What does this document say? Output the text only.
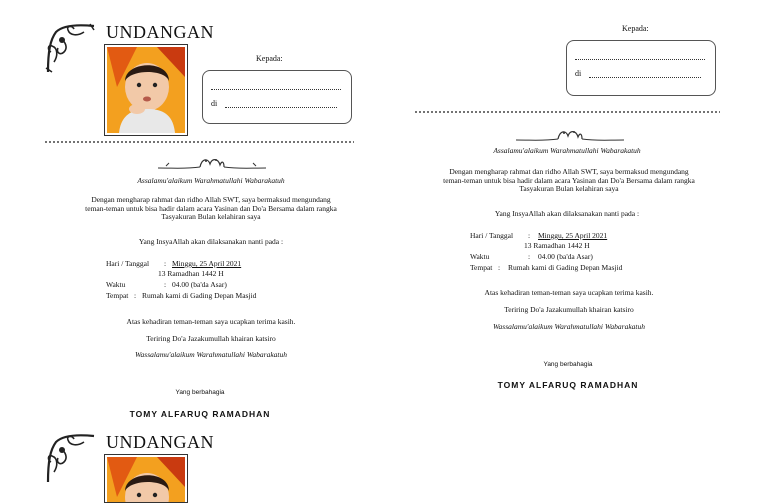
UNDANGAN
Kepada:
di
Assalamu'alaikum Warahmatullahi Wabarakatuh
Dengan mengharap rahmat dan ridho Allah SWT, saya bermaksud mengundang
teman-teman untuk bisa hadir dalam acara Yasinan dan Do'a Bersama dalam rangka
Tasyakuran Bulan kelahiran saya
Yang InsyaAllah akan dilaksanakan nanti pada :
Hari / Tanggal : Minggu, 25 April 2021
13 Ramadhan 1442 H
Waktu	: 04.00 (ba'da Asar)
Tempat : Rumah kami di Gading Depan Masjid
Atas kehadiran teman-teman saya ucapkan terima kasih.
Teriring Do'a Jazakumullah khairan katsiro
Wassalamu'alaikum Warahmatullahi Wabarakatuh
Yang berbahagia
TOMY ALFARUQ RAMADHAN
UNDANGAN
Kepada:
di
Assalamu'alaikum Warahmatullahi Wabarakatuh
Dengan mengharap rahmat dan ridho Allah SWT, saya bermaksud mengundang
teman-teman untuk bisa hadir dalam acara Yasinan dan Do'a Bersama dalam rangka
Tasyakuran Bulan kelahiran saya
Yang InsyaAllah akan dilaksanakan nanti pada :
Hari / Tanggal : Minggu, 25 April 2021
13 Ramadhan 1442 H
Waktu	: 04.00 (ba'da Asar)
Tempat : Rumah kami di Gading Depan Masjid
Atas kehadiran teman-teman saya ucapkan terima kasih.
Teriring Do'a Jazakumullah khairan katsiro
Wassalamu'alaikum Warahmatullahi Wabarakatuh
Yang berbahagia
TOMY ALFARUQ RAMADHAN
